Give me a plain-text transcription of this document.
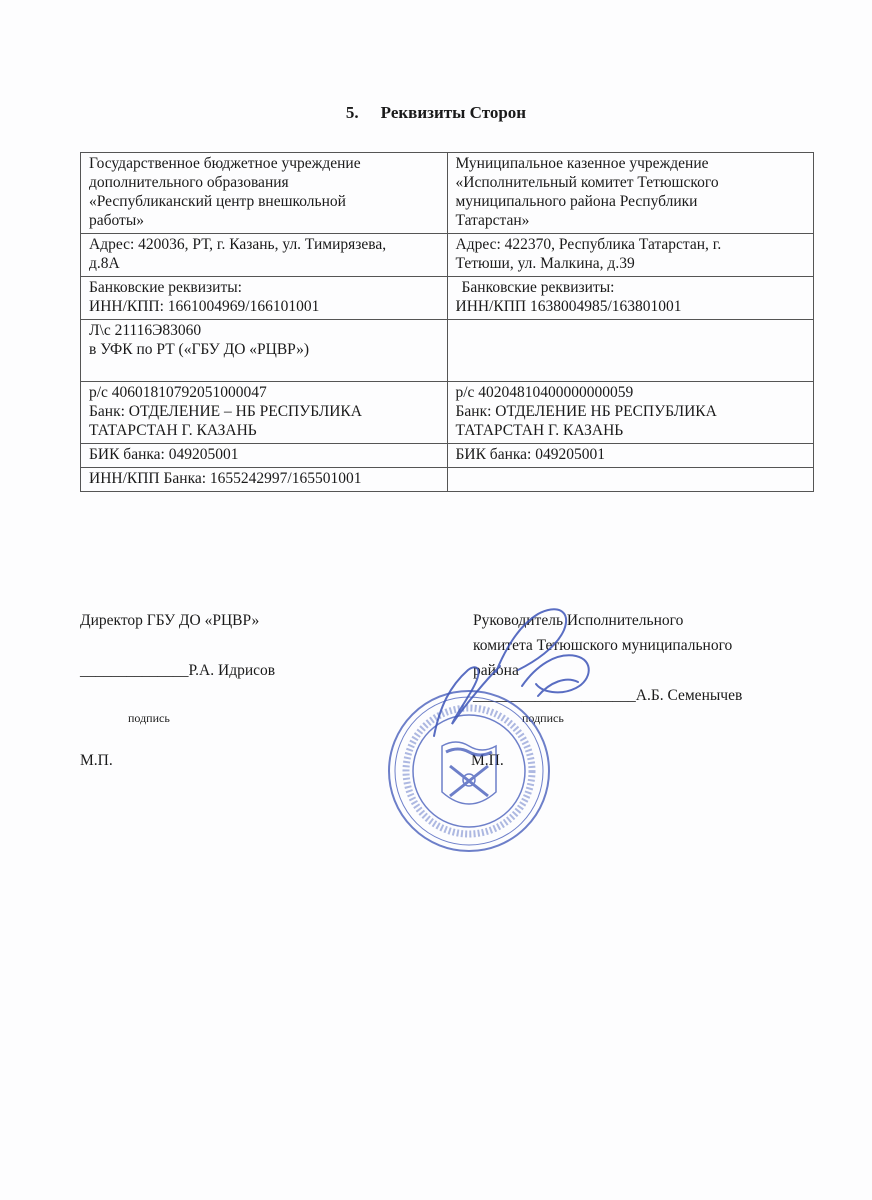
5. Реквизиты Сторон
Государственное бюджетное учреждение
дополнительного образования
«Республиканский центр внешкольной
работы»	Муниципальное казенное учреждение
«Исполнительный комитет Тетюшского
муниципального района Республики
Татарстан»

Адрес: 420036, РТ, г. Казань, ул. Тимирязева,
д.8А	Адрес: 422370, Республика Татарстан, г.
Тетюши, ул. Малкина, д.39

Банковские реквизиты:
ИНН/КПП: 1661004969/166101001	Банковские реквизиты:
ИНН/КПП 1638004985/163801001

Л\с 21116Э83060
в УФК по РТ («ГБУ ДО «РЦВР»)	

р/с 40601810792051000047
Банк: ОТДЕЛЕНИЕ – НБ РЕСПУБЛИКА
ТАТАРСТАН Г. КАЗАНЬ	р/с 40204810400000000059
Банк: ОТДЕЛЕНИЕ НБ РЕСПУБЛИКА
ТАТАРСТАН Г. КАЗАНЬ

БИК банка: 049205001	БИК банка: 049205001

ИНН/КПП Банка: 1655242997/165501001	

Директор ГБУ ДО «РЦВР»
______________Р.А. Идрисов
подпись
М.П.
Руководитель Исполнительного
комитета Тетюшского муниципального
района
_____________________А.Б. Семенычев
подпись
М.П.
